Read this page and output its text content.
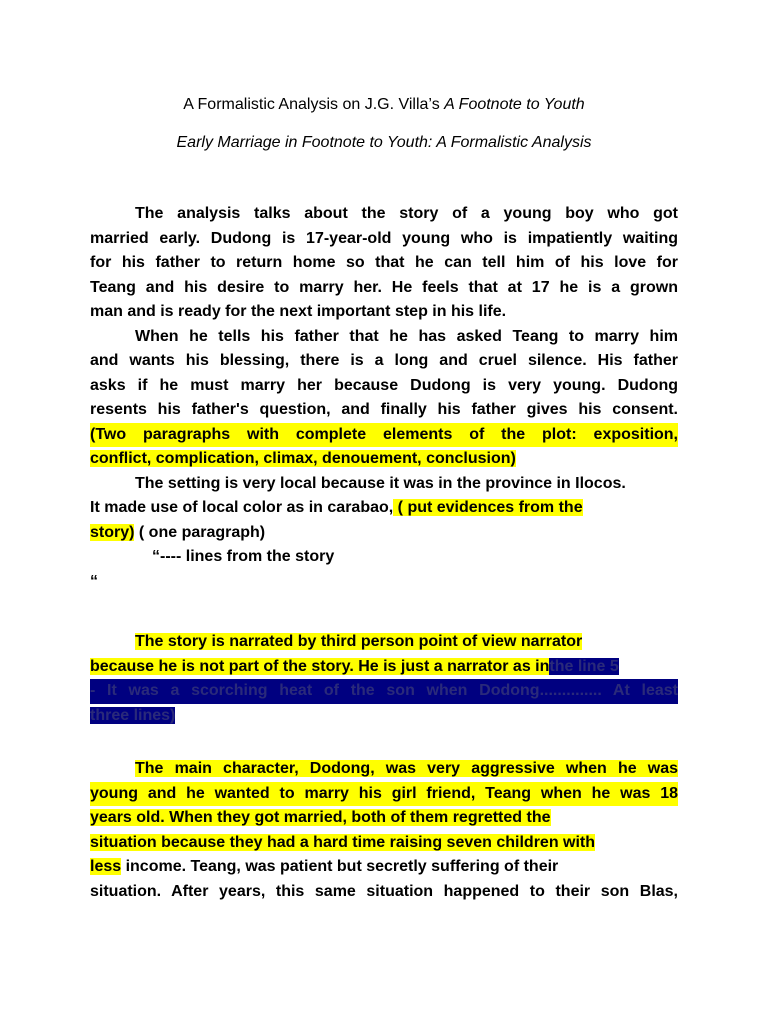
A Formalistic Analysis on J.G. Villa’s A Footnote to Youth
Early Marriage in Footnote to Youth: A Formalistic Analysis
The analysis talks about the story of a young boy who got
married early. Dudong is 17-year-old young who is impatiently waiting
for his father to return home so that he can tell him of his love for
Teang and his desire to marry her. He feels that at 17 he is a grown
man and is ready for the next important step in his life.
When he tells his father that he has asked Teang to marry him
and wants his blessing, there is a long and cruel silence. His father
asks if he must marry her because Dudong is very young. Dudong
resents his father's question, and finally his father gives his consent.
(Two paragraphs with complete elements of the plot: exposition,
conflict, complication, climax, denouement, conclusion)
The setting is very local because it was in the province in Ilocos.
It made use of local color as in carabao, ( put evidences from the
story) ( one paragraph)
“---- lines from the story
“
The story is narrated by third person point of view narrator
because he is not part of the story. He is just a narrator as inthe line 5
- It was a scorching heat of the son when Dodong.............. At least
three lines)
The main character, Dodong, was very aggressive when he was
young and he wanted to marry his girl friend, Teang when he was 18
years old. When they got married, both of them regretted the
situation because they had a hard time raising seven children with
less income. Teang, was patient but secretly suffering of their
situation. After years, this same situation happened to their son Blas,
